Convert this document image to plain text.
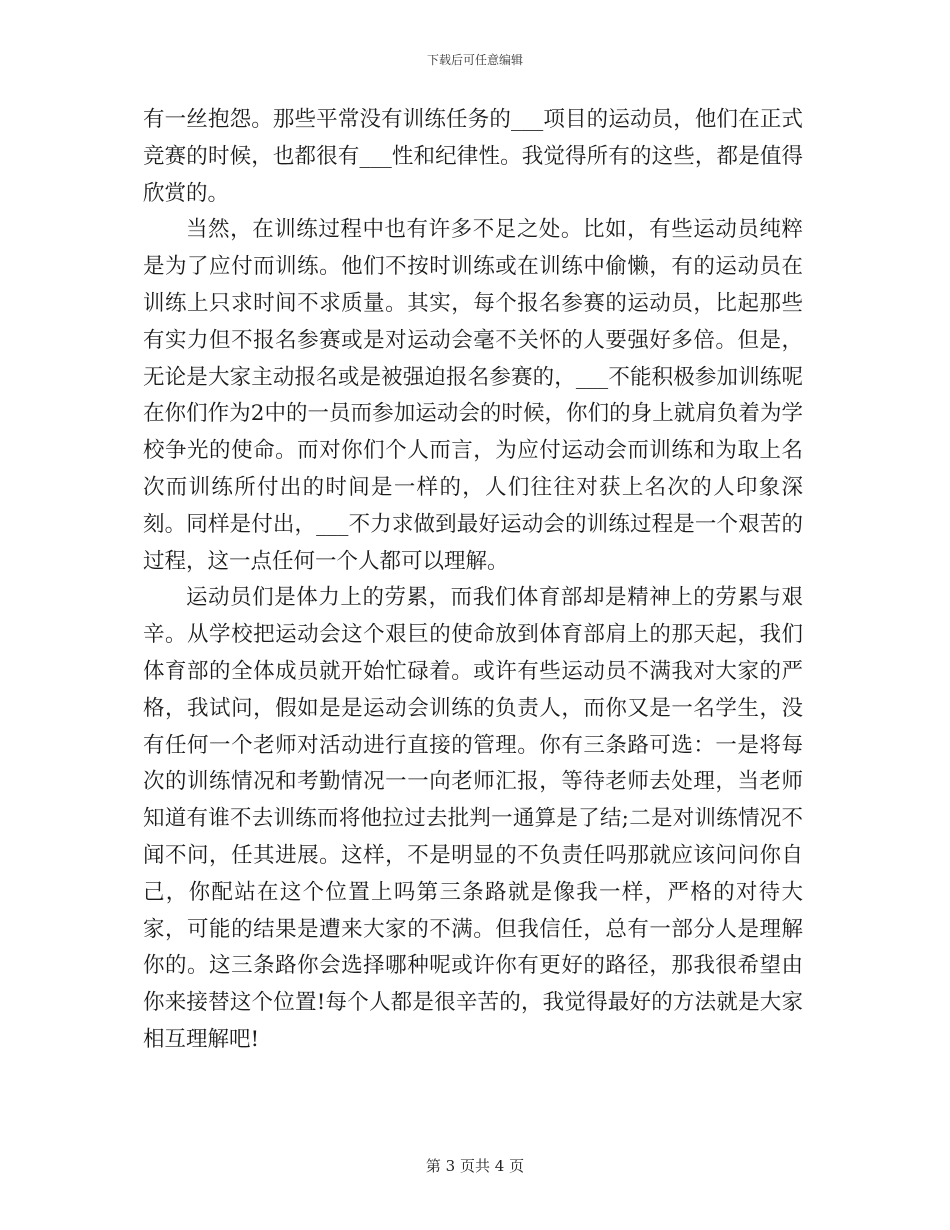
下载后可任意编辑

有一丝抱怨。那些平常没有训练任务的___项目的运动员，他们在正式竞赛的时候，也都很有___性和纪律性。我觉得所有的这些，都是值得欣赏的。

当然，在训练过程中也有许多不足之处。比如，有些运动员纯粹是为了应付而训练。他们不按时训练或在训练中偷懒，有的运动员在训练上只求时间不求质量。其实，每个报名参赛的运动员，比起那些有实力但不报名参赛或是对运动会毫不关怀的人要强好多倍。但是，无论是大家主动报名或是被强迫报名参赛的，___不能积极参加训练呢在你们作为2中的一员而参加运动会的时候，你们的身上就肩负着为学校争光的使命。而对你们个人而言，为应付运动会而训练和为取上名次而训练所付出的时间是一样的，人们往往对获上名次的人印象深刻。同样是付出，___不力求做到最好运动会的训练过程是一个艰苦的过程，这一点任何一个人都可以理解。

运动员们是体力上的劳累，而我们体育部却是精神上的劳累与艰辛。从学校把运动会这个艰巨的使命放到体育部肩上的那天起，我们体育部的全体成员就开始忙碌着。或许有些运动员不满我对大家的严格，我试问，假如是是运动会训练的负责人，而你又是一名学生，没有任何一个老师对活动进行直接的管理。你有三条路可选：一是将每次的训练情况和考勤情况一一向老师汇报，等待老师去处理，当老师知道有谁不去训练而将他拉过去批判一通算是了结;二是对训练情况不闻不问，任其进展。这样，不是明显的不负责任吗那就应该问问你自己，你配站在这个位置上吗第三条路就是像我一样，严格的对待大家，可能的结果是遭来大家的不满。但我信任，总有一部分人是理解你的。这三条路你会选择哪种呢或许你有更好的路径，那我很希望由你来接替这个位置!每个人都是很辛苦的，我觉得最好的方法就是大家相互理解吧!

第 3 页共 4 页
